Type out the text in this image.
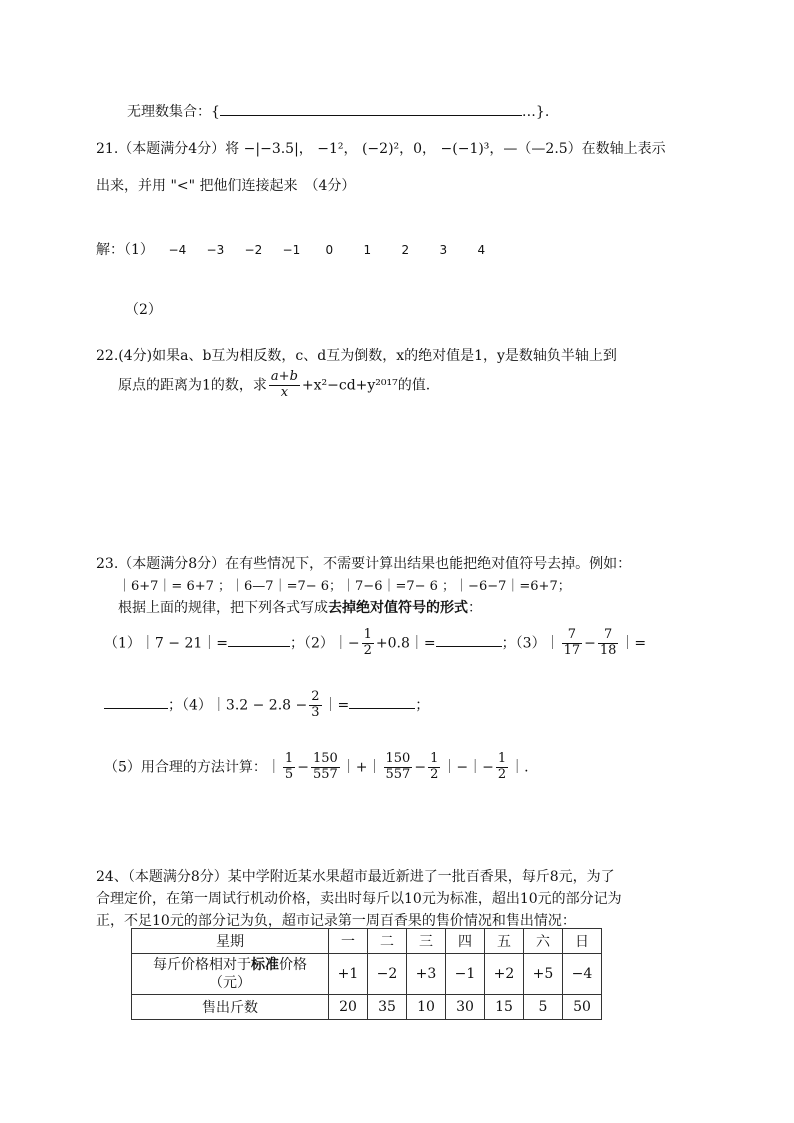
无理数集合：{	…}.
21.（本题满分4分）将 −|−3.5|， −1²， (−2)²，0， −(−1)³，—（—2.5）在数轴上表示
出来，并用 "<" 把他们连接起来　（4分）
解：（1） −4 −3 −2 −1 0	1	2	3	4
（2）
22.(4分)如果a、b互为相反数，c、d互为倒数，x的绝对值是1，y是数轴负半轴上到
原点的距离为1的数，求 $\frac{a+b}{x} +x^2-cd+y^{2017}$的值.
23.（本题满分8分）在有些情况下，不需要计算出结果也能把绝对值符号去掉。例如：
｜6+7｜= 6+7 ；｜6—7｜=7− 6；｜7−6｜=7− 6 ；｜−6−7｜=6+7；
根据上面的规律，把下列各式写成去掉绝对值符号的形式：
（1）｜7 − 21｜=	；（2）｜− $\frac{1}{2}$ +0.8｜=	；（3）｜ $\frac{7}{17} - \frac{7}{18}$ ｜=
；（4）｜3.2 − $2.8 - \frac{2}{3}$ ｜=	；
（5）用合理的方法计算：｜ $\frac{1}{5} - \frac{150}{557}$ ｜+｜ $\frac{150}{557} - \frac{1}{2}$ ｜−｜− $\frac{1}{2}$ ｜.
24、（本题满分8分）某中学附近某水果超市最近新进了一批百香果，每斤8元，为了
合理定价，在第一周试行机动价格，卖出时每斤以10元为标准，超出10元的部分记为
正，不足10元的部分记为负，超市记录第一周百香果的售价情况和售出情况：
星期	一	二	三	四	五	六	日
每斤价格相对于标准价格
（元）	+1	−2	+3	−1	+2	+5	−4
售出斤数	20	35	10	30	15	5	50
